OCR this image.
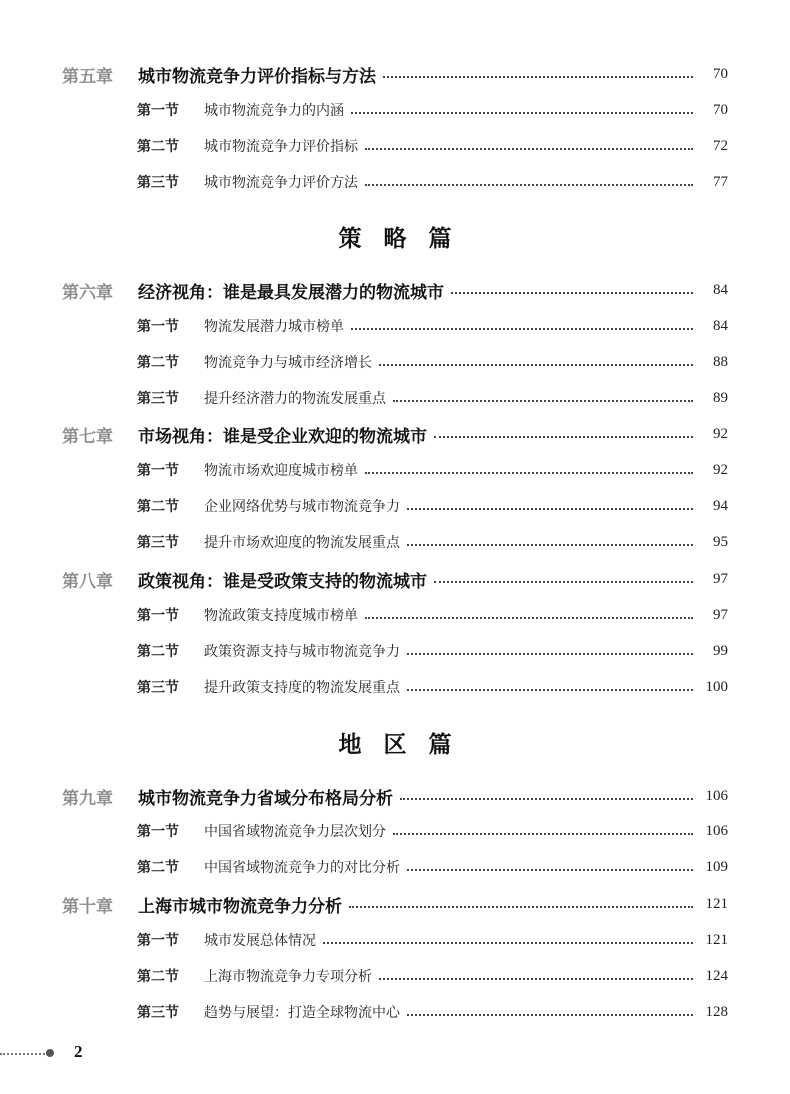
第五章	城市物流竞争力评价指标与方法	70
第一节	城市物流竞争力的内涵	70
第二节	城市物流竞争力评价指标	72
第三节	城市物流竞争力评价方法	77
策略篇
第六章	经济视角：谁是最具发展潜力的物流城市	84
第一节	物流发展潜力城市榜单	84
第二节	物流竞争力与城市经济增长	88
第三节	提升经济潜力的物流发展重点	89
第七章	市场视角：谁是受企业欢迎的物流城市	92
第一节	物流市场欢迎度城市榜单	92
第二节	企业网络优势与城市物流竞争力	94
第三节	提升市场欢迎度的物流发展重点	95
第八章	政策视角：谁是受政策支持的物流城市	97
第一节	物流政策支持度城市榜单	97
第二节	政策资源支持与城市物流竞争力	99
第三节	提升政策支持度的物流发展重点	100
地区篇
第九章	城市物流竞争力省域分布格局分析	106
第一节	中国省域物流竞争力层次划分	106
第二节	中国省域物流竞争力的对比分析	109
第十章	上海市城市物流竞争力分析	121
第一节	城市发展总体情况	121
第二节	上海市物流竞争力专项分析	124
第三节	趋势与展望：打造全球物流中心	128
2
